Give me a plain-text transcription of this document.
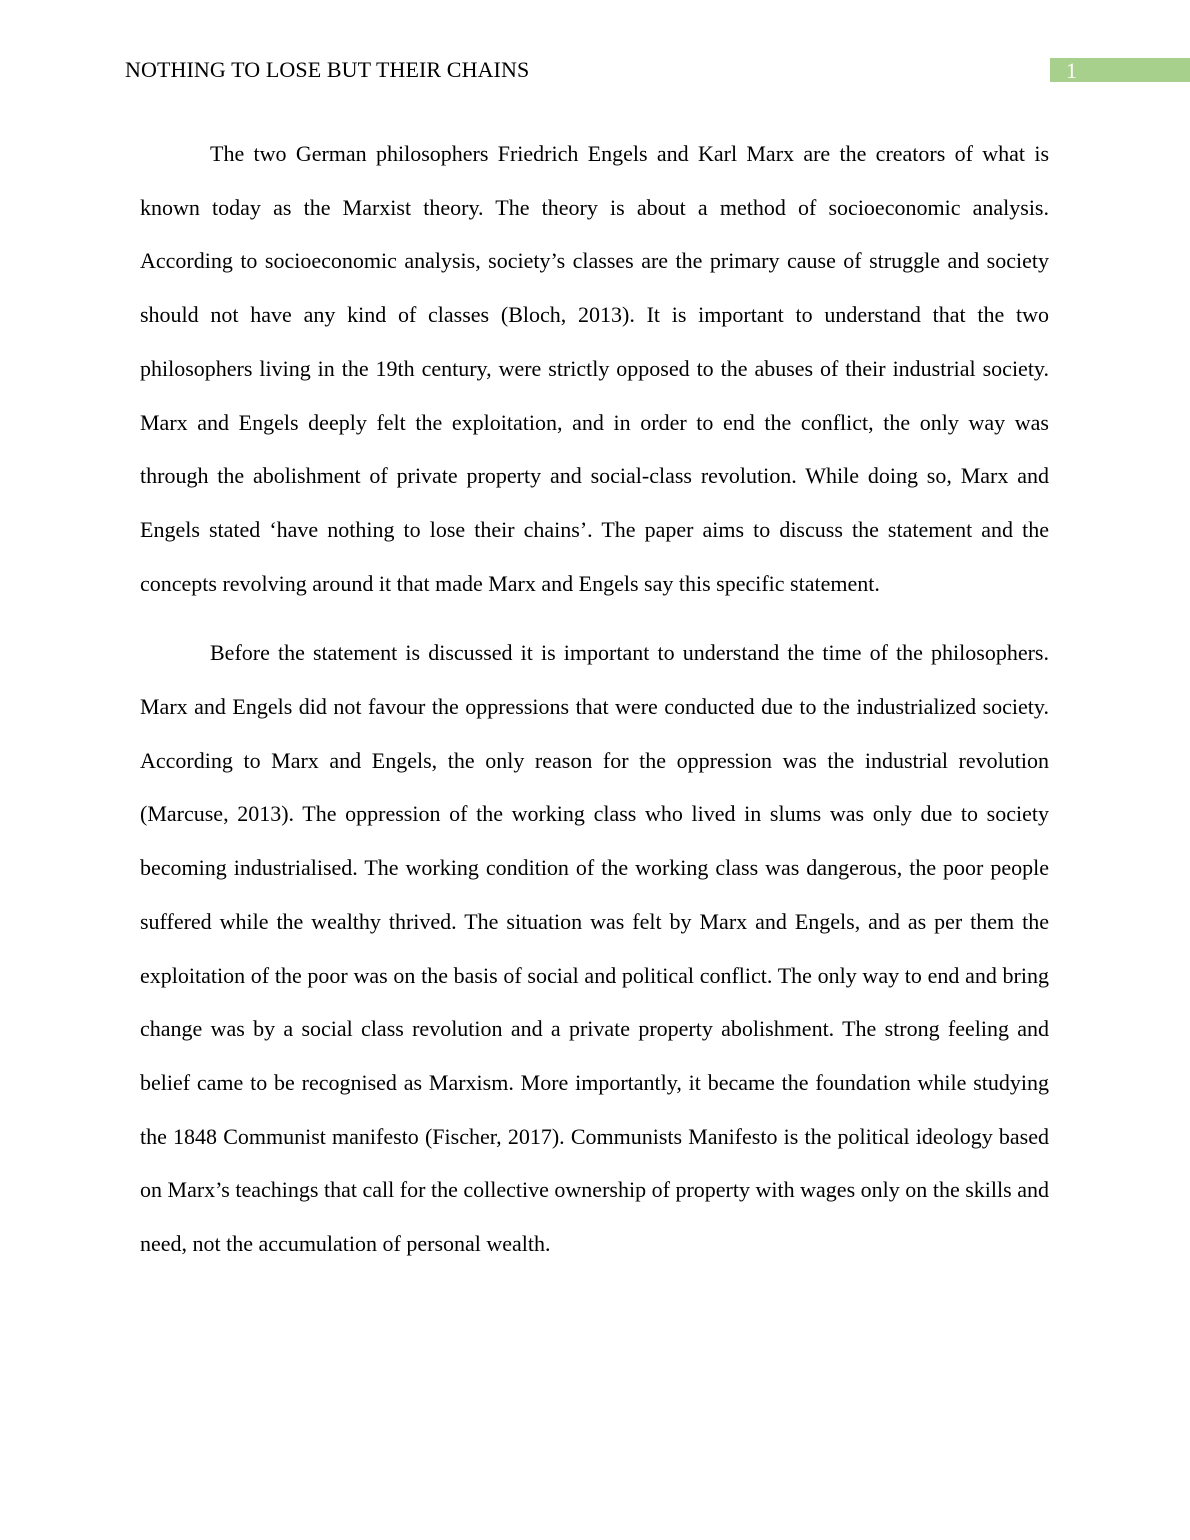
NOTHING TO LOSE BUT THEIR CHAINS	1

The two German philosophers Friedrich Engels and Karl Marx are the creators of what is known today as the Marxist theory. The theory is about a method of socioeconomic analysis. According to socioeconomic analysis, society’s classes are the primary cause of struggle and society should not have any kind of classes (Bloch, 2013). It is important to understand that the two philosophers living in the 19th century, were strictly opposed to the abuses of their industrial society. Marx and Engels deeply felt the exploitation, and in order to end the conflict, the only way was through the abolishment of private property and social-class revolution. While doing so, Marx and Engels stated ‘have nothing to lose their chains’. The paper aims to discuss the statement and the concepts revolving around it that made Marx and Engels say this specific statement.

Before the statement is discussed it is important to understand the time of the philosophers. Marx and Engels did not favour the oppressions that were conducted due to the industrialized society. According to Marx and Engels, the only reason for the oppression was the industrial revolution (Marcuse, 2013). The oppression of the working class who lived in slums was only due to society becoming industrialised. The working condition of the working class was dangerous, the poor people suffered while the wealthy thrived. The situation was felt by Marx and Engels, and as per them the exploitation of the poor was on the basis of social and political conflict. The only way to end and bring change was by a social class revolution and a private property abolishment. The strong feeling and belief came to be recognised as Marxism. More importantly, it became the foundation while studying the 1848 Communist manifesto (Fischer, 2017). Communists Manifesto is the political ideology based on Marx’s teachings that call for the collective ownership of property with wages only on the skills and need, not the accumulation of personal wealth.
